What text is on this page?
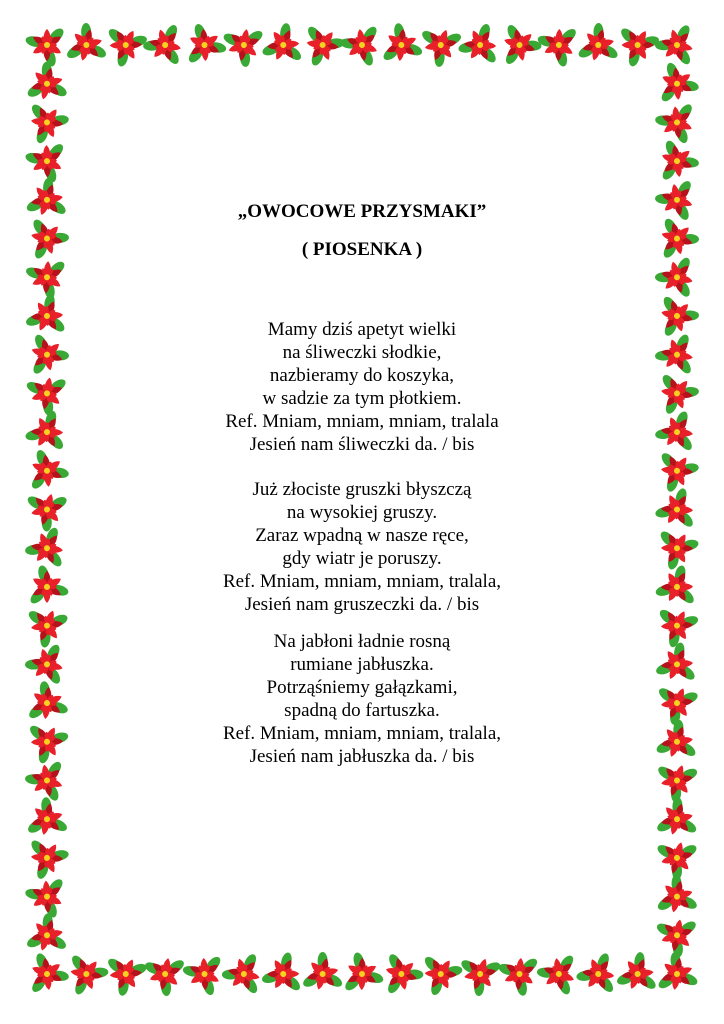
„OWOCOWE PRZYSMAKI”
( PIOSENKA )

Mamy dziś apetyt wielki
na śliweczki słodkie,
nazbieramy do koszyka,
w sadzie za tym płotkiem.
Ref. Mniam, mniam, mniam, tralala
Jesień nam śliweczki da. / bis

Już złociste gruszki błyszczą
na wysokiej gruszy.
Zaraz wpadną w nasze ręce,
gdy wiatr je poruszy.
Ref. Mniam, mniam, mniam, tralala,
Jesień nam gruszeczki da. / bis

Na jabłoni ładnie rosną
rumiane jabłuszka.
Potrząśniemy gałązkami,
spadną do fartuszka.
Ref. Mniam, mniam, mniam, tralala,
Jesień nam jabłuszka da. / bis
